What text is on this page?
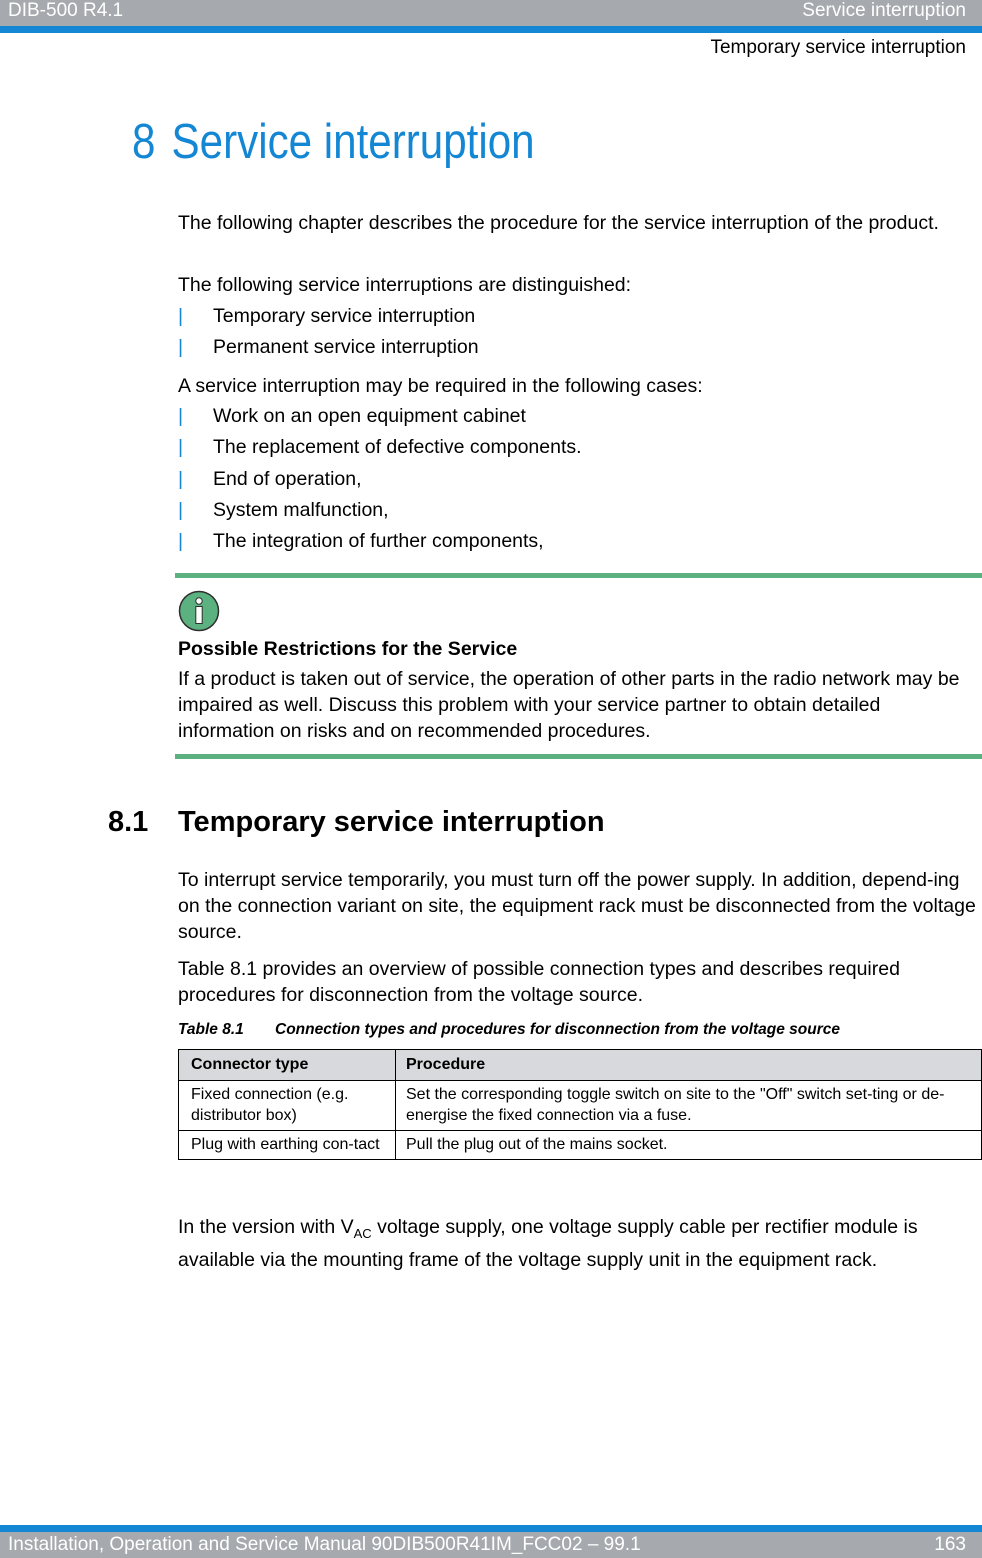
DIB-500 R4.1	Service interruption
Temporary service interruption
8 Service interruption
The following chapter describes the procedure for the service interruption of the product.
The following service interruptions are distinguished:
| Temporary service interruption
| Permanent service interruption
A service interruption may be required in the following cases:
| Work on an open equipment cabinet
| The replacement of defective components.
| End of operation,
| System malfunction,
| The integration of further components,
Possible Restrictions for the Service
If a product is taken out of service, the operation of other parts in the radio network may be impaired as well. Discuss this problem with your service partner to obtain detailed information on risks and on recommended procedures.
8.1 Temporary service interruption
To interrupt service temporarily, you must turn off the power supply. In addition, depend-ing on the connection variant on site, the equipment rack must be disconnected from the voltage source.
Table 8.1 provides an overview of possible connection types and describes required procedures for disconnection from the voltage source.
Table 8.1 Connection types and procedures for disconnection from the voltage source
Connector type	Procedure
Fixed connection (e.g. distributor box)	Set the corresponding toggle switch on site to the "Off" switch set-ting or de-energise the fixed connection via a fuse.
Plug with earthing con-tact	Pull the plug out of the mains socket.
In the version with $V_{AC}$ voltage supply, one voltage supply cable per rectifier module is available via the mounting frame of the voltage supply unit in the equipment rack.
Installation, Operation and Service Manual 90DIB500R41IM_FCC02 – 99.1	163
